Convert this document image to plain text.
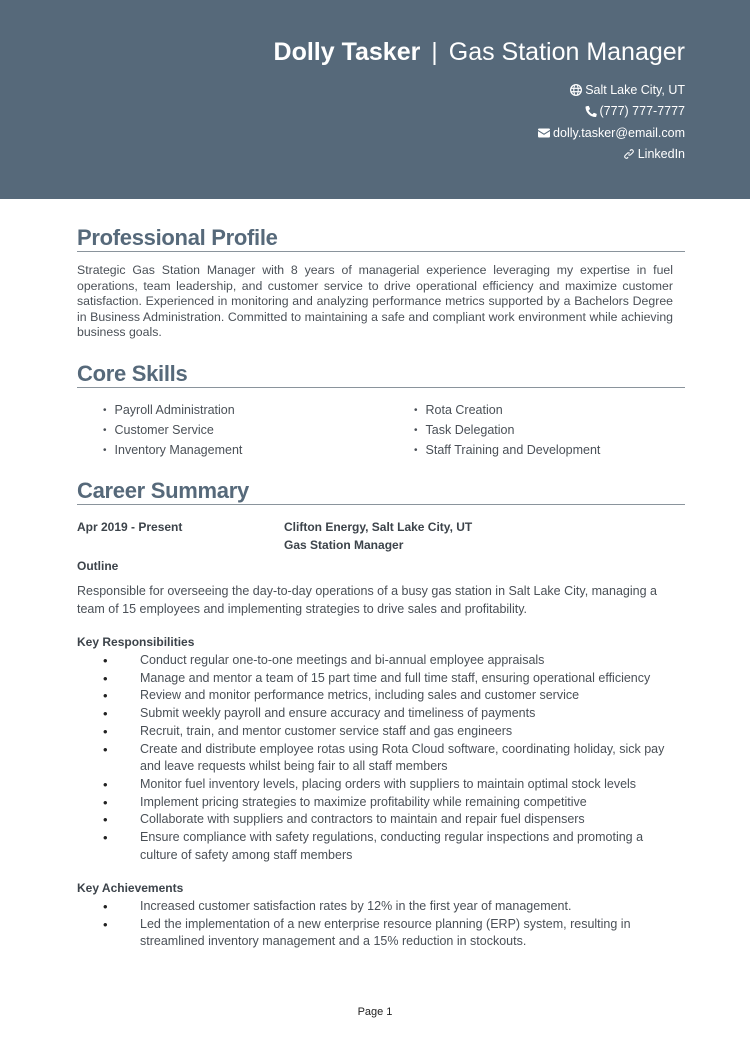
Dolly Tasker | Gas Station Manager
Salt Lake City, UT
(777) 777-7777
dolly.tasker@email.com
LinkedIn
Professional Profile
Strategic Gas Station Manager with 8 years of managerial experience leveraging my expertise in fuel operations, team leadership, and customer service to drive operational efficiency and maximize customer satisfaction. Experienced in monitoring and analyzing performance metrics supported by a Bachelors Degree in Business Administration. Committed to maintaining a safe and compliant work environment while achieving business goals.
Core Skills
• Payroll Administration
• Customer Service
• Inventory Management
• Rota Creation
• Task Delegation
• Staff Training and Development
Career Summary
Apr 2019 - Present	Clifton Energy, Salt Lake City, UT
Gas Station Manager
Outline
Responsible for overseeing the day-to-day operations of a busy gas station in Salt Lake City, managing a team of 15 employees and implementing strategies to drive sales and profitability.
Key Responsibilities
• Conduct regular one-to-one meetings and bi-annual employee appraisals
• Manage and mentor a team of 15 part time and full time staff, ensuring operational efficiency
• Review and monitor performance metrics, including sales and customer service
• Submit weekly payroll and ensure accuracy and timeliness of payments
• Recruit, train, and mentor customer service staff and gas engineers
• Create and distribute employee rotas using Rota Cloud software, coordinating holiday, sick pay and leave requests whilst being fair to all staff members
• Monitor fuel inventory levels, placing orders with suppliers to maintain optimal stock levels
• Implement pricing strategies to maximize profitability while remaining competitive
• Collaborate with suppliers and contractors to maintain and repair fuel dispensers
• Ensure compliance with safety regulations, conducting regular inspections and promoting a culture of safety among staff members
Key Achievements
• Increased customer satisfaction rates by 12% in the first year of management.
• Led the implementation of a new enterprise resource planning (ERP) system, resulting in streamlined inventory management and a 15% reduction in stockouts.
Page 1
